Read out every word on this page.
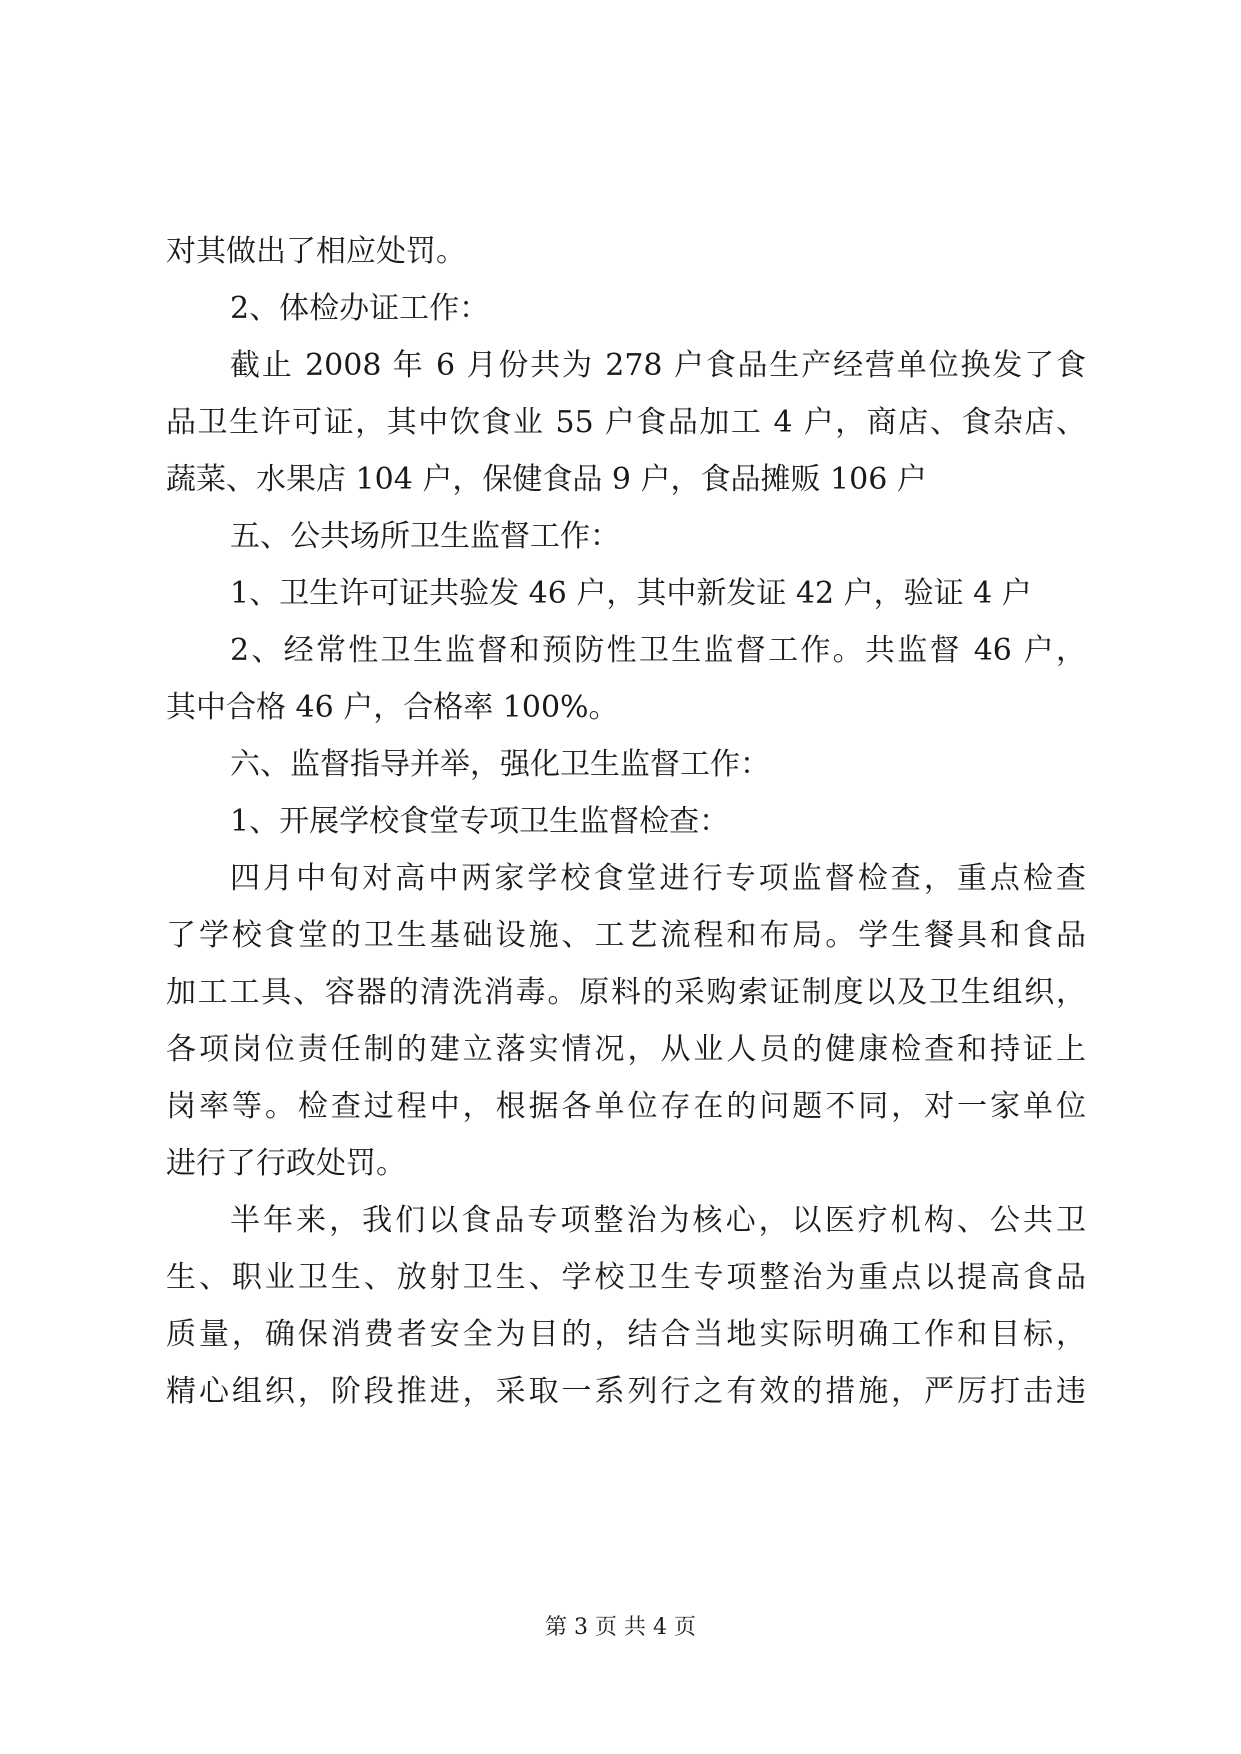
对其做出了相应处罚。
2、体检办证工作：
截止 2008 年 6 月份共为 278 户食品生产经营单位换发了食
品卫生许可证，其中饮食业 55 户食品加工 4 户，商店、食杂店、
蔬菜、水果店 104 户，保健食品 9 户，食品摊贩 106 户
五、公共场所卫生监督工作：
1、卫生许可证共验发 46 户，其中新发证 42 户，验证 4 户
2、经常性卫生监督和预防性卫生监督工作。共监督 46 户，
其中合格 46 户，合格率 100%。
六、监督指导并举，强化卫生监督工作：
1、开展学校食堂专项卫生监督检查：
四月中旬对高中两家学校食堂进行专项监督检查，重点检查
了学校食堂的卫生基础设施、工艺流程和布局。学生餐具和食品
加工工具、容器的清洗消毒。原料的采购索证制度以及卫生组织，
各项岗位责任制的建立落实情况，从业人员的健康检查和持证上
岗率等。检查过程中，根据各单位存在的问题不同，对一家单位
进行了行政处罚。
半年来，我们以食品专项整治为核心，以医疗机构、公共卫
生、职业卫生、放射卫生、学校卫生专项整治为重点以提高食品
质量，确保消费者安全为目的，结合当地实际明确工作和目标，
精心组织，阶段推进，采取一系列行之有效的措施，严厉打击违
第 3 页 共 4 页
